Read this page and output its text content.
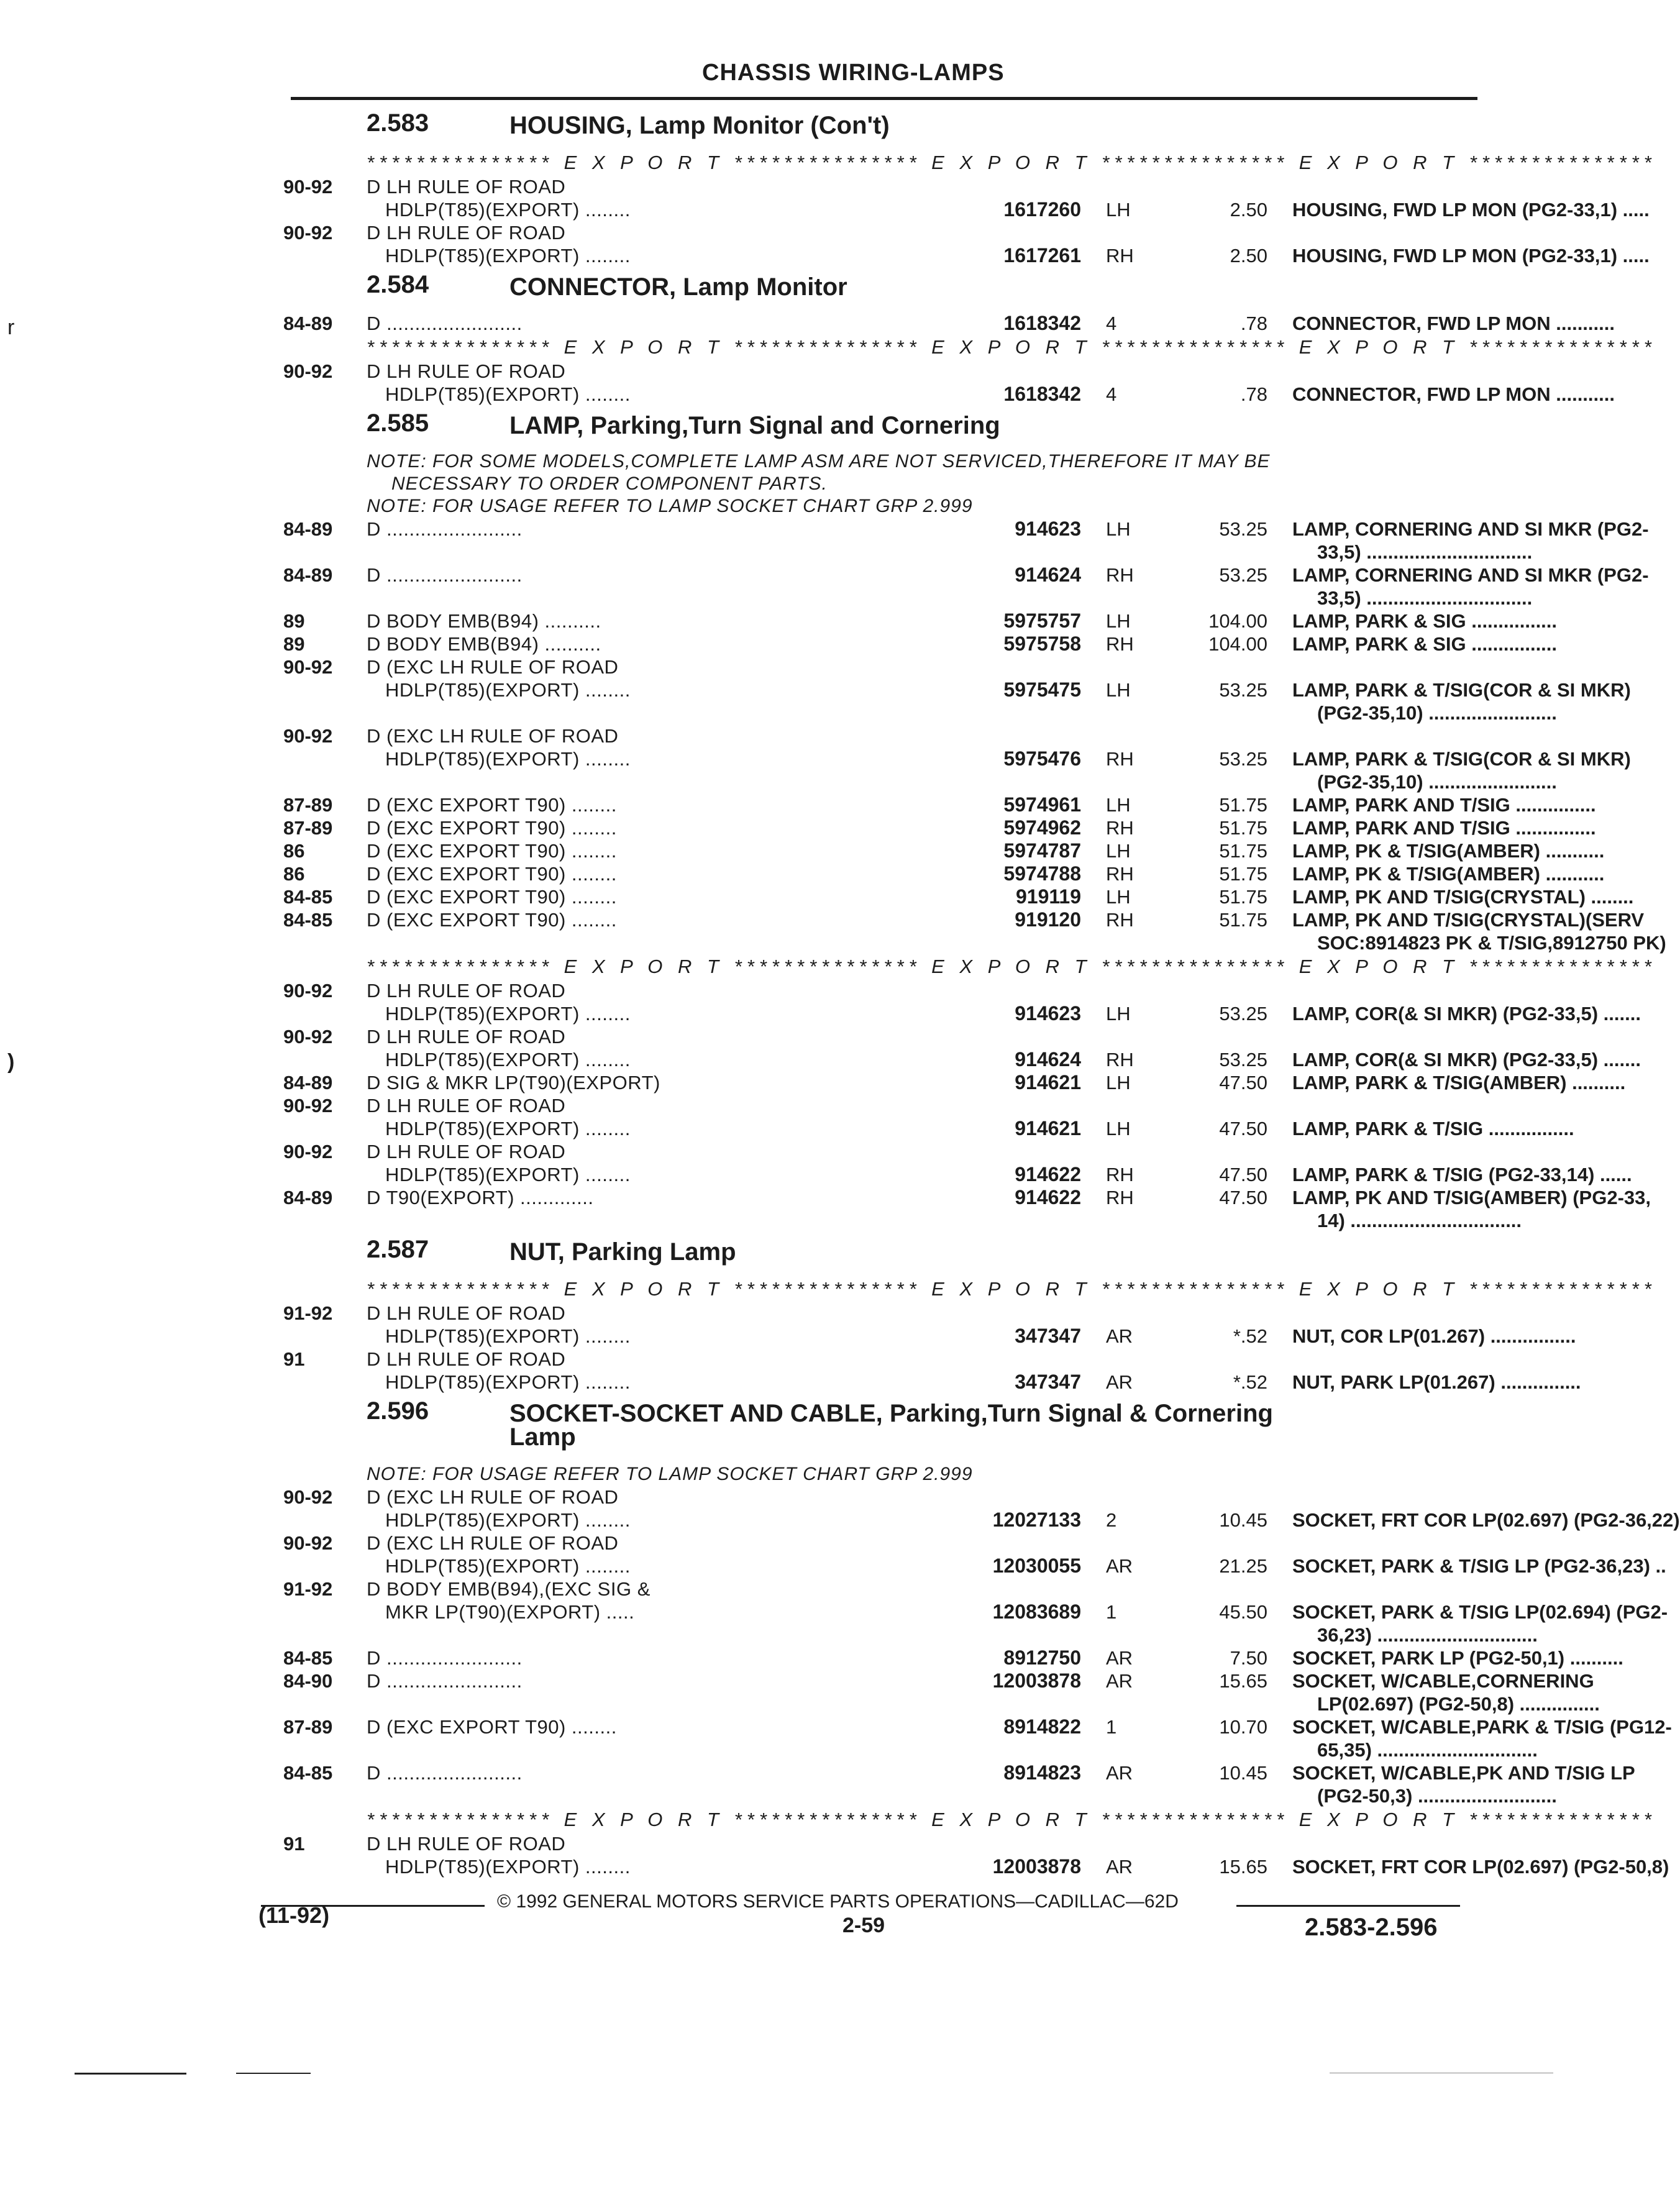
CHASSIS WIRING-LAMPS
r
)
2.583	HOUSING, Lamp Monitor (Con't)
*************** E X P O R T *************** E X P O R T *************** E X P O R T ***************
90-92 D LH RULE OF ROAD
HDLP(T85)(EXPORT) ........	1617260 LH	2.50 HOUSING, FWD LP MON (PG2-33,1) .....
90-92 D LH RULE OF ROAD
HDLP(T85)(EXPORT) ........	1617261 RH	2.50 HOUSING, FWD LP MON (PG2-33,1) .....
2.584	CONNECTOR, Lamp Monitor
84-89 D ........................	1618342 4	.78 CONNECTOR, FWD LP MON ...........
*************** E X P O R T *************** E X P O R T *************** E X P O R T ***************
90-92 D LH RULE OF ROAD
HDLP(T85)(EXPORT) ........	1618342 4	.78 CONNECTOR, FWD LP MON ...........
2.585	LAMP, Parking,Turn Signal and Cornering
NOTE: FOR SOME MODELS,COMPLETE LAMP ASM ARE NOT SERVICED,THEREFORE IT MAY BE
NECESSARY TO ORDER COMPONENT PARTS.
NOTE: FOR USAGE REFER TO LAMP SOCKET CHART GRP 2.999
84-89 D ........................	914623 LH	53.25 LAMP, CORNERING AND SI MKR (PG2-
33,5) ...............................
84-89 D ........................	914624 RH	53.25 LAMP, CORNERING AND SI MKR (PG2-
33,5) ...............................
89	D BODY EMB(B94) ..........	5975757 LH	104.00 LAMP, PARK & SIG ................
89	D BODY EMB(B94) ..........	5975758 RH	104.00 LAMP, PARK & SIG ................
90-92 D (EXC LH RULE OF ROAD
HDLP(T85)(EXPORT) ........	5975475 LH	53.25 LAMP, PARK & T/SIG(COR & SI MKR)
(PG2-35,10) ........................
90-92 D (EXC LH RULE OF ROAD
HDLP(T85)(EXPORT) ........	5975476 RH	53.25 LAMP, PARK & T/SIG(COR & SI MKR)
(PG2-35,10) ........................
87-89 D (EXC EXPORT T90) ........	5974961 LH	51.75 LAMP, PARK AND T/SIG ...............
87-89 D (EXC EXPORT T90) ........	5974962 RH	51.75 LAMP, PARK AND T/SIG ...............
86	D (EXC EXPORT T90) ........	5974787 LH	51.75 LAMP, PK & T/SIG(AMBER) ...........
86	D (EXC EXPORT T90) ........	5974788 RH	51.75 LAMP, PK & T/SIG(AMBER) ...........
84-85 D (EXC EXPORT T90) ........	919119 LH	51.75 LAMP, PK AND T/SIG(CRYSTAL) ........
84-85 D (EXC EXPORT T90) ........	919120 RH	51.75 LAMP, PK AND T/SIG(CRYSTAL)(SERV
SOC:8914823 PK & T/SIG,8912750 PK)
*************** E X P O R T *************** E X P O R T *************** E X P O R T ***************
90-92 D LH RULE OF ROAD
HDLP(T85)(EXPORT) ........	914623 LH	53.25 LAMP, COR(& SI MKR) (PG2-33,5) .......
90-92 D LH RULE OF ROAD
HDLP(T85)(EXPORT) ........	914624 RH	53.25 LAMP, COR(& SI MKR) (PG2-33,5) .......
84-89 D SIG & MKR LP(T90)(EXPORT)	914621 LH	47.50 LAMP, PARK & T/SIG(AMBER) ..........
90-92 D LH RULE OF ROAD
HDLP(T85)(EXPORT) ........	914621 LH	47.50 LAMP, PARK & T/SIG ................
90-92 D LH RULE OF ROAD
HDLP(T85)(EXPORT) ........	914622 RH	47.50 LAMP, PARK & T/SIG (PG2-33,14) ......
84-89 D T90(EXPORT) .............	914622 RH	47.50 LAMP, PK AND T/SIG(AMBER) (PG2-33,
14) ................................
2.587	NUT, Parking Lamp
*************** E X P O R T *************** E X P O R T *************** E X P O R T ***************
91-92 D LH RULE OF ROAD
HDLP(T85)(EXPORT) ........	347347 AR	*.52 NUT, COR LP(01.267) ................
91	D LH RULE OF ROAD
HDLP(T85)(EXPORT) ........	347347 AR	*.52 NUT, PARK LP(01.267) ...............
2.596	SOCKET-SOCKET AND CABLE, Parking,Turn Signal & Cornering
Lamp
NOTE: FOR USAGE REFER TO LAMP SOCKET CHART GRP 2.999
90-92 D (EXC LH RULE OF ROAD
HDLP(T85)(EXPORT) ........	12027133 2	10.45 SOCKET, FRT COR LP(02.697) (PG2-36,22)
90-92 D (EXC LH RULE OF ROAD
HDLP(T85)(EXPORT) ........	12030055 AR	21.25 SOCKET, PARK & T/SIG LP (PG2-36,23) ..
91-92 D BODY EMB(B94),(EXC SIG &
MKR LP(T90)(EXPORT) .....	12083689 1	45.50 SOCKET, PARK & T/SIG LP(02.694) (PG2-
36,23) ..............................
84-85 D ........................	8912750 AR	7.50 SOCKET, PARK LP (PG2-50,1) ..........
84-90 D ........................	12003878 AR	15.65 SOCKET, W/CABLE,CORNERING
LP(02.697) (PG2-50,8) ...............
87-89 D (EXC EXPORT T90) ........	8914822 1	10.70 SOCKET, W/CABLE,PARK & T/SIG (PG12-
65,35) ..............................
84-85 D ........................	8914823 AR	10.45 SOCKET, W/CABLE,PK AND T/SIG LP
(PG2-50,3) ..........................
*************** E X P O R T *************** E X P O R T *************** E X P O R T ***************
91	D LH RULE OF ROAD
HDLP(T85)(EXPORT) ........	12003878 AR	15.65 SOCKET, FRT COR LP(02.697) (PG2-50,8)
© 1992 GENERAL MOTORS SERVICE PARTS OPERATIONS—CADILLAC—62D
(11-92)	2-59	2.583-2.596
